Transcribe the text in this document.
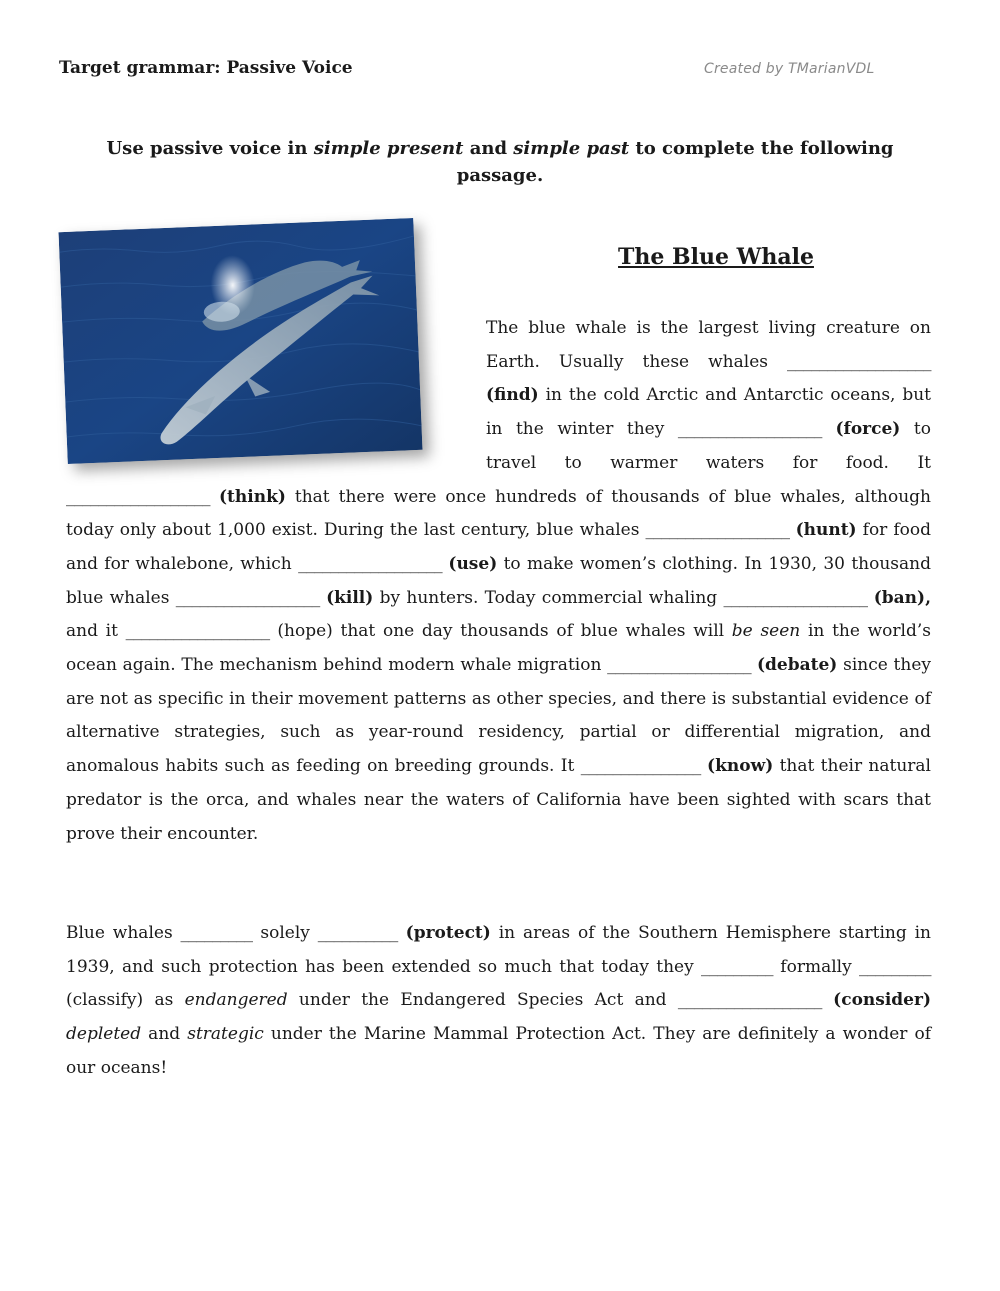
Target grammar: Passive Voice	Created by TMarianVDL
Use passive voice in simple present and simple past to complete the following passage.
The Blue Whale
The blue whale is the largest living creature on Earth. Usually these whales __________________ (find) in the cold Arctic and Antarctic oceans, but in the winter they __________________ (force) to travel to warmer waters for food. It __________________ (think) that there were once hundreds of thousands of blue whales, although today only about 1,000 exist. During the last century, blue whales __________________ (hunt) for food and for whalebone, which __________________ (use) to make women’s clothing. In 1930, 30 thousand blue whales __________________ (kill) by hunters. Today commercial whaling __________________ (ban), and it __________________ (hope) that one day thousands of blue whales will be seen in the world’s ocean again. The mechanism behind modern whale migration __________________ (debate) since they are not as specific in their movement patterns as other species, and there is substantial evidence of alternative strategies, such as year-round residency, partial or differential migration, and anomalous habits such as feeding on breeding grounds. It _______________ (know) that their natural predator is the orca, and whales near the waters of California have been sighted with scars that prove their encounter.
Blue whales _________ solely __________ (protect) in areas of the Southern Hemisphere starting in 1939, and such protection has been extended so much that today they _________ formally _________ (classify) as endangered under the Endangered Species Act and __________________ (consider) depleted and strategic under the Marine Mammal Protection Act. They are definitely a wonder of our oceans!
